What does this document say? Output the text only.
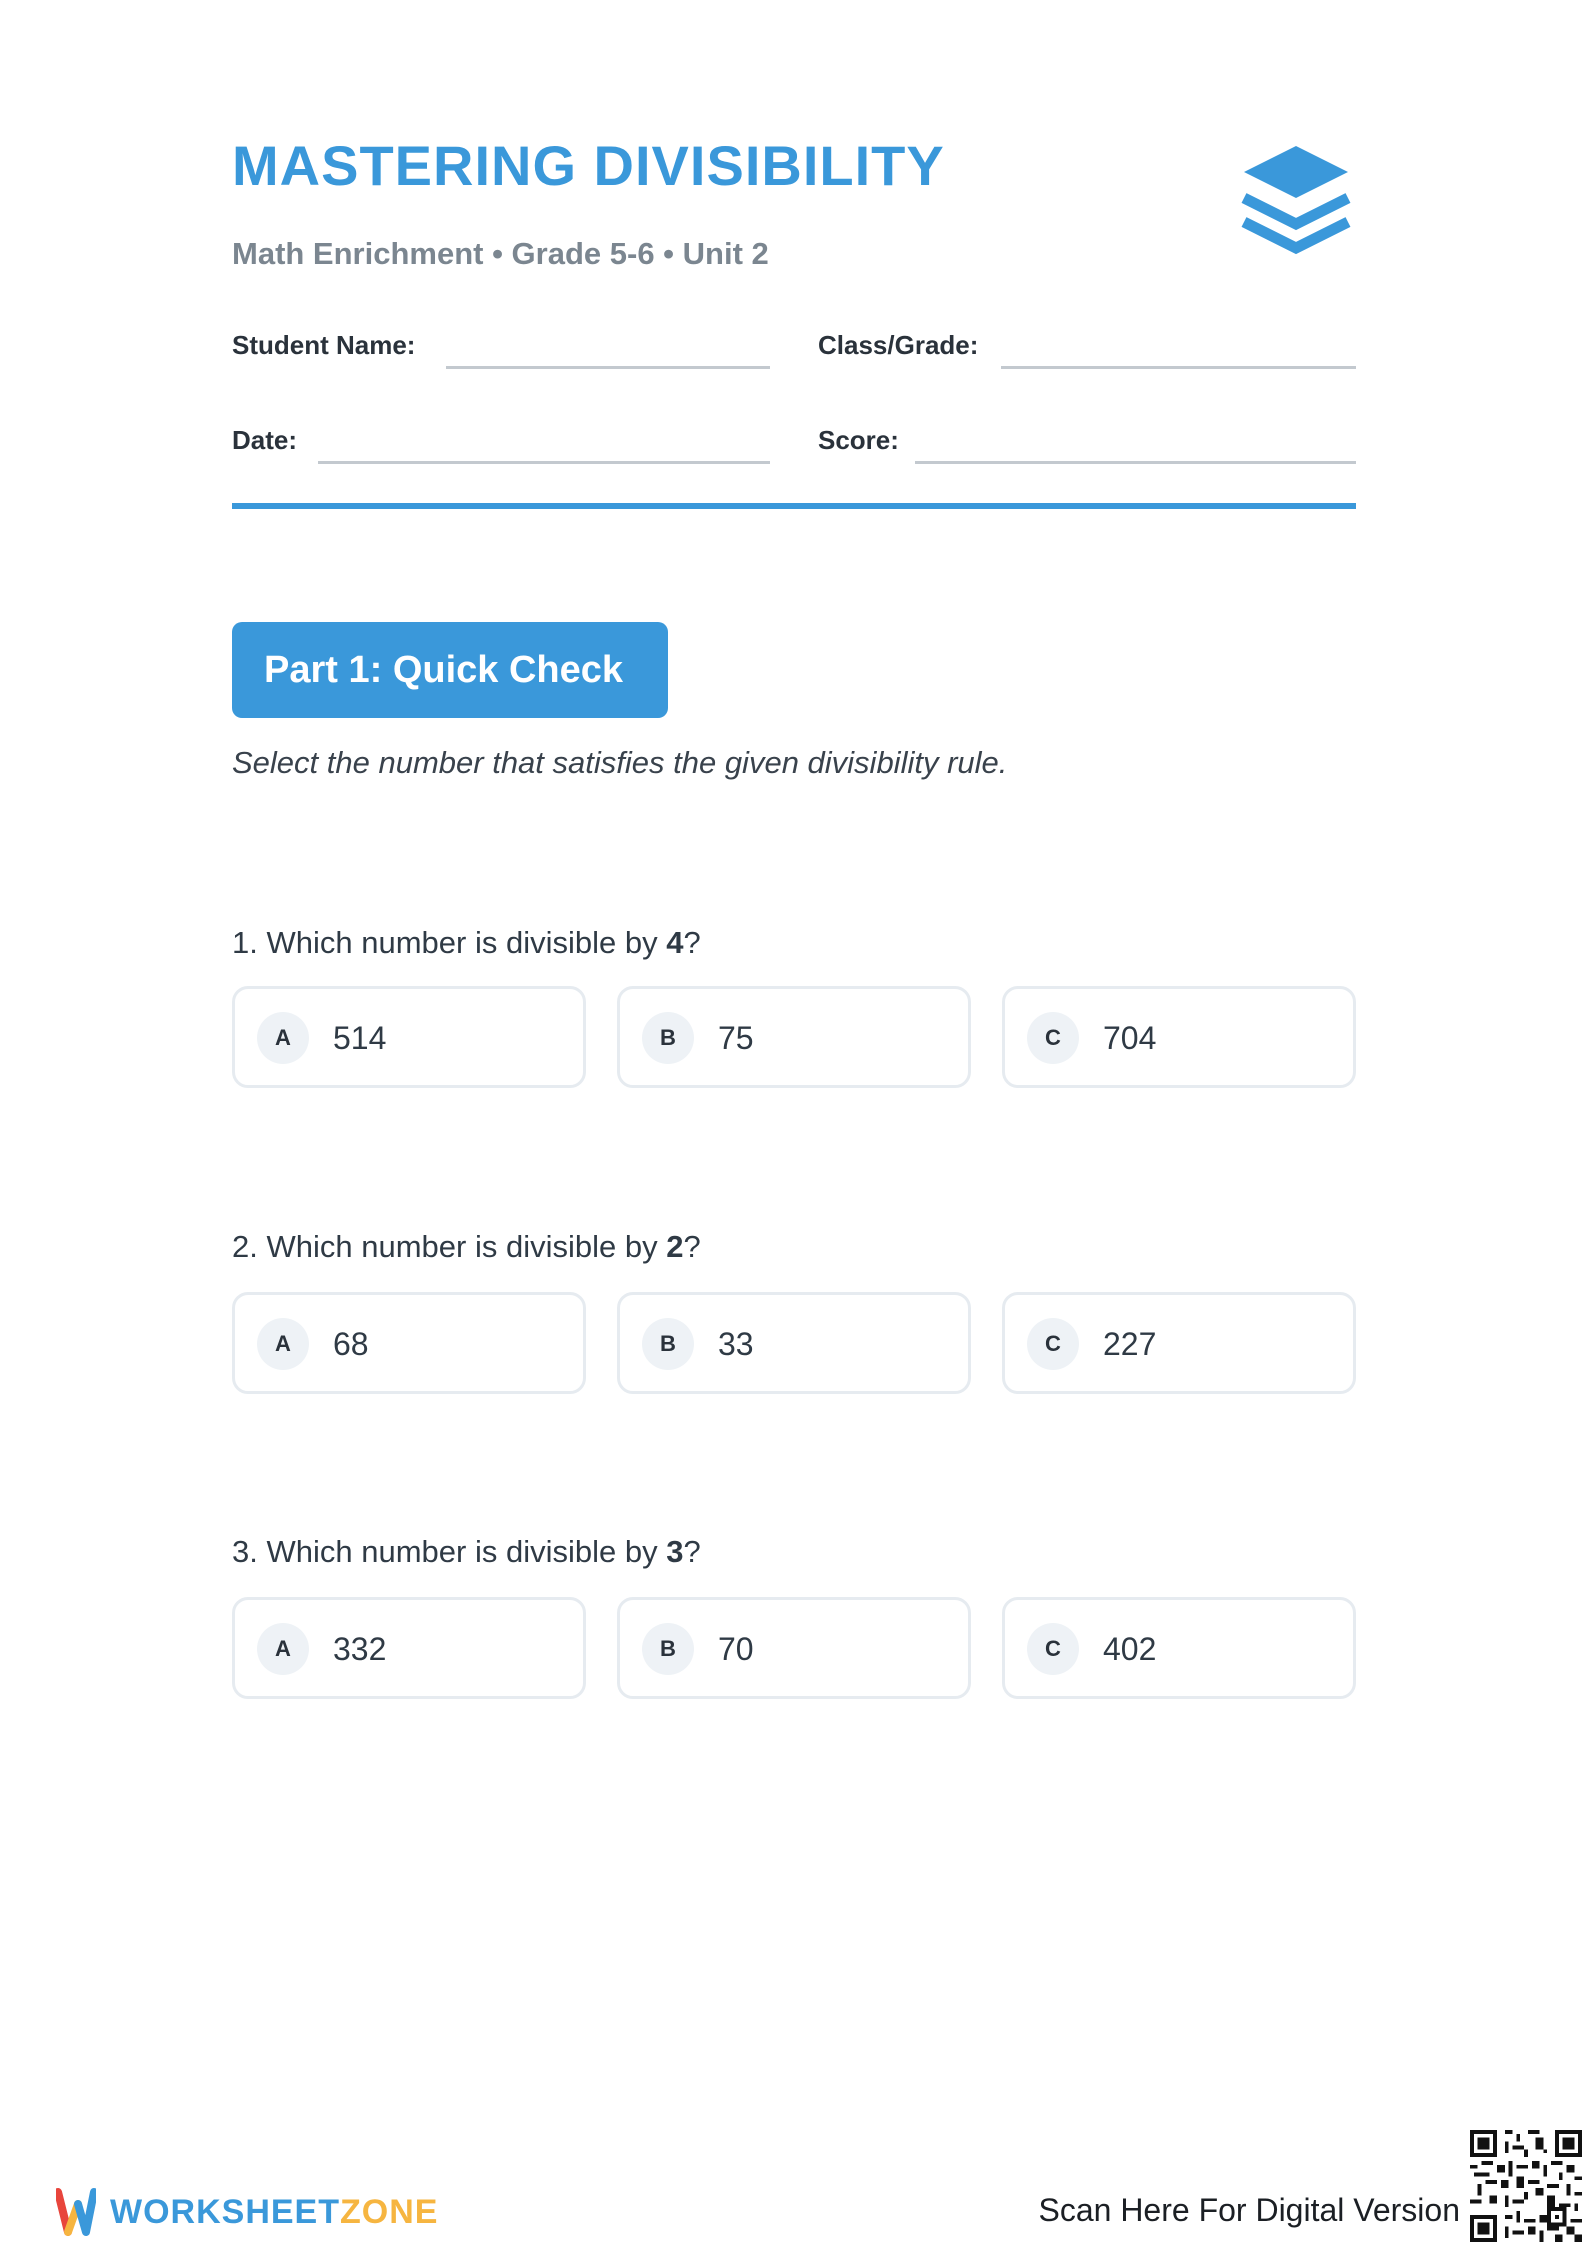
MASTERING DIVISIBILITY
Math Enrichment • Grade 5-6 • Unit 2
Student Name:	Class/Grade:
Date:	Score:
Part 1: Quick Check
Select the number that satisfies the given divisibility rule.
1. Which number is divisible by 4?
A	514	B	75	C	704
2. Which number is divisible by 2?
A	68	B	33	C	227
3. Which number is divisible by 3?
A	332	B	70	C	402
WORKSHEETZONE	Scan Here For Digital Version
